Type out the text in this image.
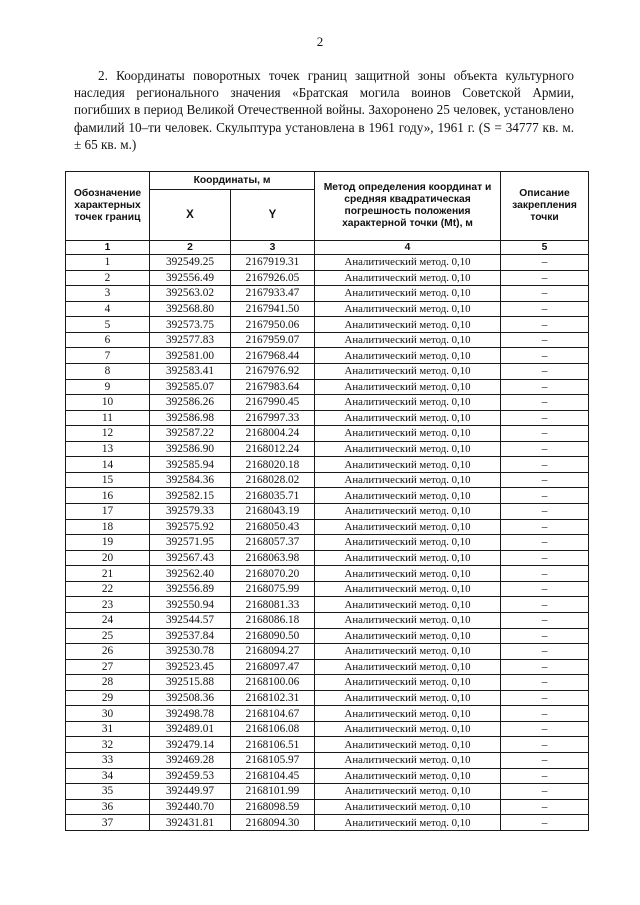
2

2. Координаты поворотных точек границ защитной зоны объекта культурного наследия регионального значения «Братская могила воинов Советской Армии, погибших в период Великой Отечественной войны. Захоронено 25 человек, установлено фамилий 10–ти человек. Скульптура установлена в 1961 году», 1961 г. (S = 34777 кв. м. ± 65 кв. м.)

Обозначение характерных точек границ	Координаты, м		Метод определения координат и средняя квадратическая погрешность положения характерной точки (Mt), м	Описание закрепления точки
	X	Y		
1	2	3	4	5
1	392549.25	2167919.31	Аналитический метод. 0,10	–
2	392556.49	2167926.05	Аналитический метод. 0,10	–
3	392563.02	2167933.47	Аналитический метод. 0,10	–
4	392568.80	2167941.50	Аналитический метод. 0,10	–
5	392573.75	2167950.06	Аналитический метод. 0,10	–
6	392577.83	2167959.07	Аналитический метод. 0,10	–
7	392581.00	2167968.44	Аналитический метод. 0,10	–
8	392583.41	2167976.92	Аналитический метод. 0,10	–
9	392585.07	2167983.64	Аналитический метод. 0,10	–
10	392586.26	2167990.45	Аналитический метод. 0,10	–
11	392586.98	2167997.33	Аналитический метод. 0,10	–
12	392587.22	2168004.24	Аналитический метод. 0,10	–
13	392586.90	2168012.24	Аналитический метод. 0,10	–
14	392585.94	2168020.18	Аналитический метод. 0,10	–
15	392584.36	2168028.02	Аналитический метод. 0,10	–
16	392582.15	2168035.71	Аналитический метод. 0,10	–
17	392579.33	2168043.19	Аналитический метод. 0,10	–
18	392575.92	2168050.43	Аналитический метод. 0,10	–
19	392571.95	2168057.37	Аналитический метод. 0,10	–
20	392567.43	2168063.98	Аналитический метод. 0,10	–
21	392562.40	2168070.20	Аналитический метод. 0,10	–
22	392556.89	2168075.99	Аналитический метод. 0,10	–
23	392550.94	2168081.33	Аналитический метод. 0,10	–
24	392544.57	2168086.18	Аналитический метод. 0,10	–
25	392537.84	2168090.50	Аналитический метод. 0,10	–
26	392530.78	2168094.27	Аналитический метод. 0,10	–
27	392523.45	2168097.47	Аналитический метод. 0,10	–
28	392515.88	2168100.06	Аналитический метод. 0,10	–
29	392508.36	2168102.31	Аналитический метод. 0,10	–
30	392498.78	2168104.67	Аналитический метод. 0,10	–
31	392489.01	2168106.08	Аналитический метод. 0,10	–
32	392479.14	2168106.51	Аналитический метод. 0,10	–
33	392469.28	2168105.97	Аналитический метод. 0,10	–
34	392459.53	2168104.45	Аналитический метод. 0,10	–
35	392449.97	2168101.99	Аналитический метод. 0,10	–
36	392440.70	2168098.59	Аналитический метод. 0,10	–
37	392431.81	2168094.30	Аналитический метод. 0,10	–
